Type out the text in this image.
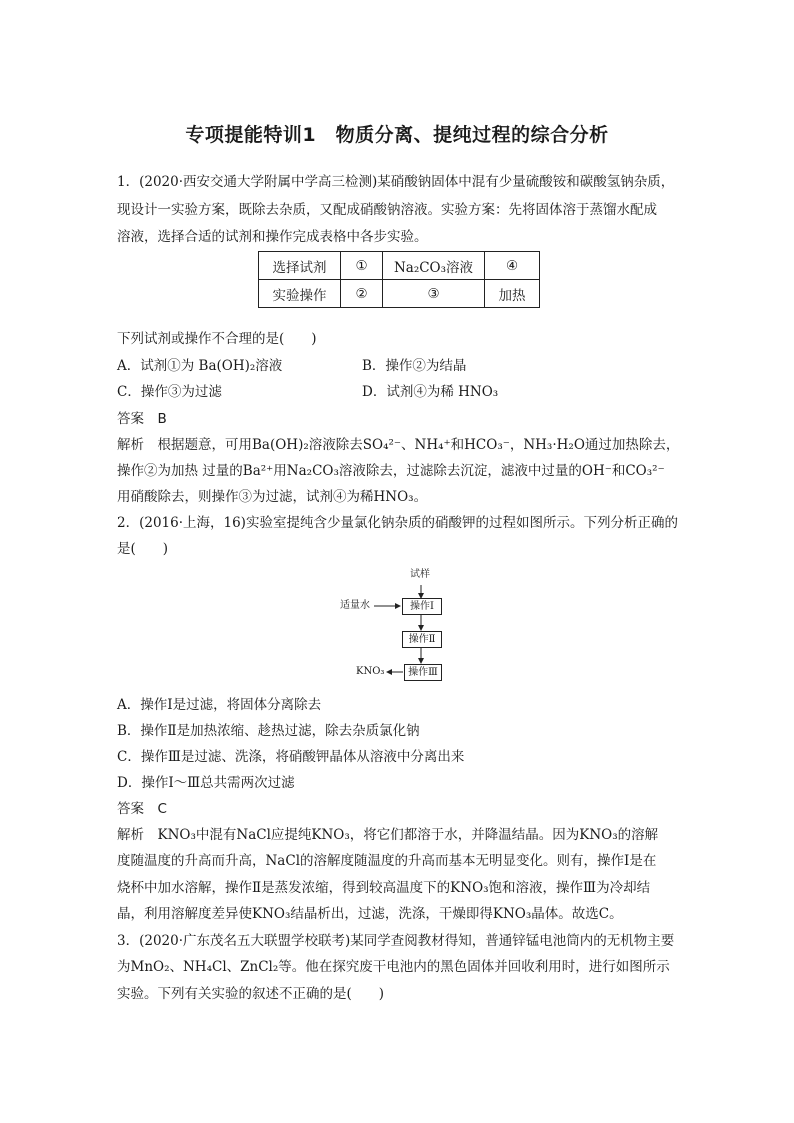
专项提能特训1　物质分离、提纯过程的综合分析
1．(2020·西安交通大学附属中学高三检测)某硝酸钠固体中混有少量硫酸铵和碳酸氢钠杂质，
现设计一实验方案，既除去杂质，又配成硝酸钠溶液。实验方案：先将固体溶于蒸馏水配成
溶液，选择合适的试剂和操作完成表格中各步实验。
选择试剂	①	Na₂CO₃溶液	④
实验操作	②	③	加热
下列试剂或操作不合理的是(　　)
A．试剂①为 Ba(OH)₂溶液	B．操作②为结晶
C．操作③为过滤	D．试剂④为稀 HNO₃
答案　B
解析　根据题意，可用Ba(OH)₂溶液除去SO₄²⁻、NH₄⁺和HCO₃⁻，NH₃·H₂O通过加热除去，
操作②为加热 过量的Ba²⁺用Na₂CO₃溶液除去，过滤除去沉淀，滤液中过量的OH⁻和CO₃²⁻
用硝酸除去，则操作③为过滤，试剂④为稀HNO₃。
2．(2016·上海，16)实验室提纯含少量氯化钠杂质的硝酸钾的过程如图所示。下列分析正确的
是(　　)
试样
适量水	操作Ⅰ
操作Ⅱ
操作Ⅲ
KNO₃
A．操作Ⅰ是过滤，将固体分离除去
B．操作Ⅱ是加热浓缩、趁热过滤，除去杂质氯化钠
C．操作Ⅲ是过滤、洗涤，将硝酸钾晶体从溶液中分离出来
D．操作Ⅰ～Ⅲ总共需两次过滤
答案　C
解析　KNO₃中混有NaCl应提纯KNO₃，将它们都溶于水，并降温结晶。因为KNO₃的溶解
度随温度的升高而升高，NaCl的溶解度随温度的升高而基本无明显变化。则有，操作Ⅰ是在
烧杯中加水溶解，操作Ⅱ是蒸发浓缩，得到较高温度下的KNO₃饱和溶液，操作Ⅲ为冷却结
晶，利用溶解度差异使KNO₃结晶析出，过滤，洗涤，干燥即得KNO₃晶体。故选C。
3．(2020·广东茂名五大联盟学校联考)某同学查阅教材得知，普通锌锰电池筒内的无机物主要
为MnO₂、NH₄Cl、ZnCl₂等。他在探究废干电池内的黑色固体并回收利用时，进行如图所示
实验。下列有关实验的叙述不正确的是(　　)
